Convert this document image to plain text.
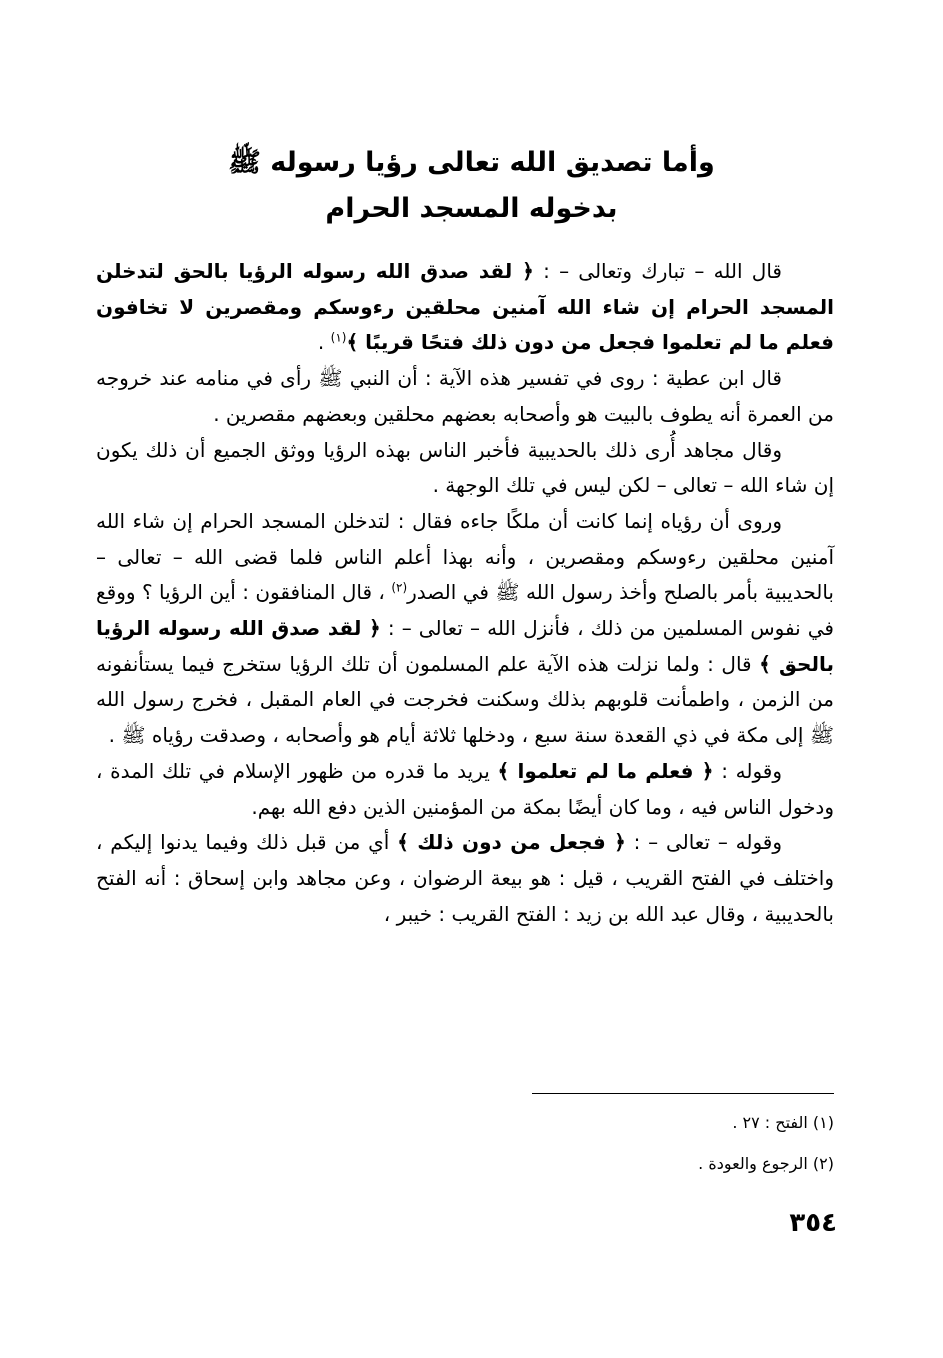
وأما تصديق الله تعالى رؤيا رسوله ﷺ
بدخوله المسجد الحرام

قال الله – تبارك وتعالى – : ﴿ لقد صدق الله رسوله الرؤيا بالحق لتدخلن المسجد الحرام إن شاء الله آمنين محلقين رءوسكم ومقصرين لا تخافون فعلم ما لم تعلموا فجعل من دون ذلك فتحًا قريبًا ﴾$^{(١)}$ .

قال ابن عطية : روى في تفسير هذه الآية : أن النبي ﷺ رأى في منامه عند خروجه من العمرة أنه يطوف بالبيت هو وأصحابه بعضهم محلقين وبعضهم مقصرين .

وقال مجاهد أُرى ذلك بالحديبية فأخبر الناس بهذه الرؤيا ووثق الجميع أن ذلك يكون إن شاء الله – تعالى – لكن ليس في تلك الوجهة .

وروى أن رؤياه إنما كانت أن ملكًا جاءه فقال : لتدخلن المسجد الحرام إن شاء الله آمنين محلقين رءوسكم ومقصرين ، وأنه بهذا أعلم الناس فلما قضى الله – تعالى – بالحديبية بأمر بالصلح وأخذ رسول الله ﷺ في الصدر$^{(٢)}$ ، قال المنافقون : أين الرؤيا ؟ ووقع في نفوس المسلمين من ذلك ، فأنزل الله – تعالى – : ﴿ لقد صدق الله رسوله الرؤيا بالحق ﴾ قال : ولما نزلت هذه الآية علم المسلمون أن تلك الرؤيا ستخرج فيما يستأنفونه من الزمن ، واطمأنت قلوبهم بذلك وسكنت فخرجت في العام المقبل ، فخرج رسول الله ﷺ إلى مكة في ذي القعدة سنة سبع ، ودخلها ثلاثة أيام هو وأصحابه ، وصدقت رؤياه ﷺ .

وقوله : ﴿ فعلم ما لم تعلموا ﴾ يريد ما قدره من ظهور الإسلام في تلك المدة ، ودخول الناس فيه ، وما كان أيضًا بمكة من المؤمنين الذين دفع الله بهم.

وقوله – تعالى – : ﴿ فجعل من دون ذلك ﴾ أي من قبل ذلك وفيما يدنوا إليكم ، واختلف في الفتح القريب ، قيل : هو بيعة الرضوان ، وعن مجاهد وابن إسحاق : أنه الفتح بالحديبية ، وقال عبد الله بن زيد : الفتح القريب : خيبر ،

(١) الفتح : ٢٧ .
(٢) الرجوع والعودة .
٣٥٤
